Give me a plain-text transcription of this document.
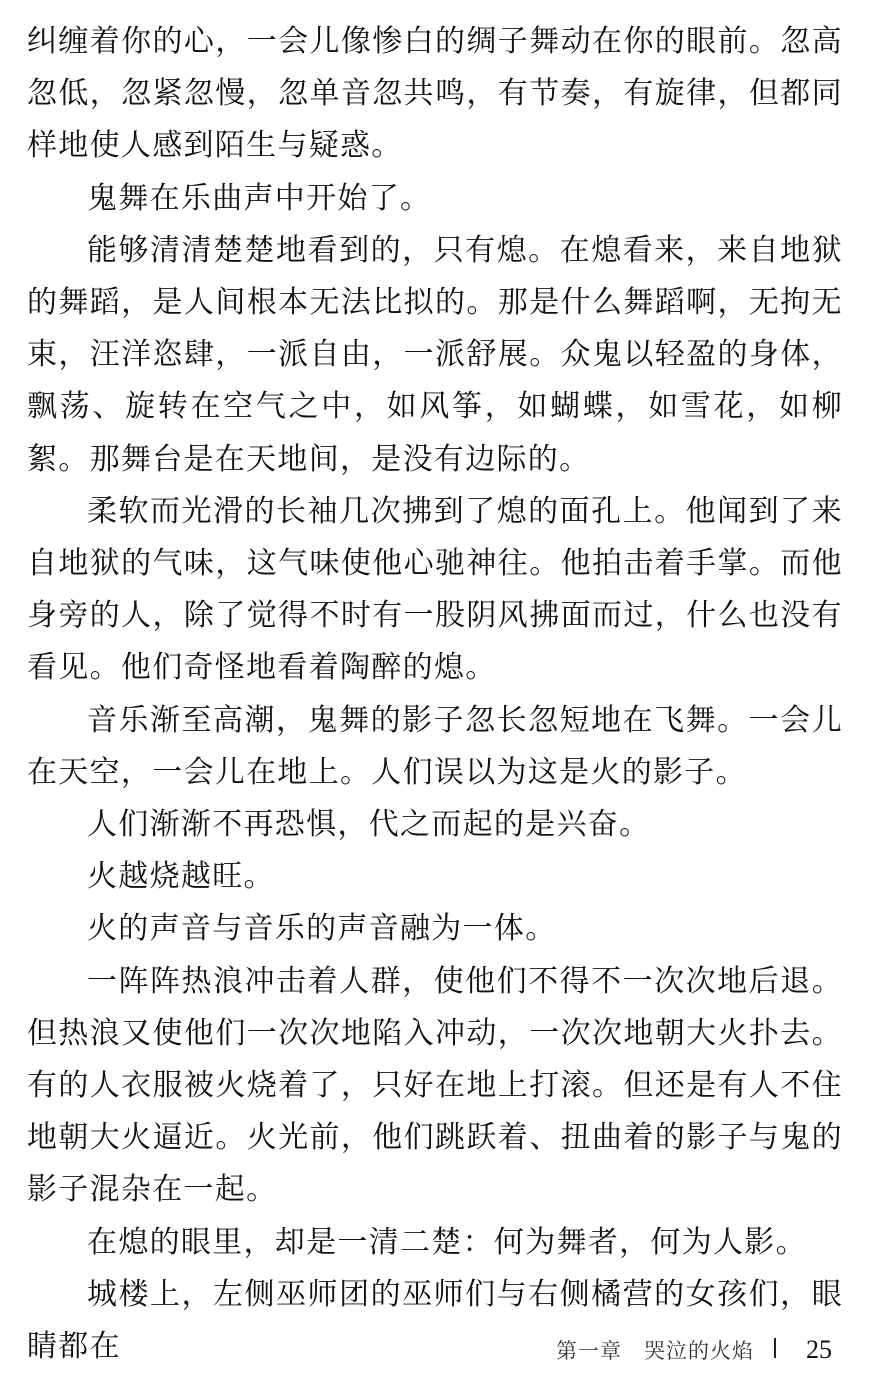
纠缠着你的心，一会儿像惨白的绸子舞动在你的眼前。忽高忽低，忽紧忽慢，忽单音忽共鸣，有节奏，有旋律，但都同样地使人感到陌生与疑惑。

鬼舞在乐曲声中开始了。

能够清清楚楚地看到的，只有熄。在熄看来，来自地狱的舞蹈，是人间根本无法比拟的。那是什么舞蹈啊，无拘无束，汪洋恣肆，一派自由，一派舒展。众鬼以轻盈的身体，飘荡、旋转在空气之中，如风筝，如蝴蝶，如雪花，如柳絮。那舞台是在天地间，是没有边际的。

柔软而光滑的长袖几次拂到了熄的面孔上。他闻到了来自地狱的气味，这气味使他心驰神往。他拍击着手掌。而他身旁的人，除了觉得不时有一股阴风拂面而过，什么也没有看见。他们奇怪地看着陶醉的熄。

音乐渐至高潮，鬼舞的影子忽长忽短地在飞舞。一会儿在天空，一会儿在地上。人们误以为这是火的影子。

人们渐渐不再恐惧，代之而起的是兴奋。

火越烧越旺。

火的声音与音乐的声音融为一体。

一阵阵热浪冲击着人群，使他们不得不一次次地后退。但热浪又使他们一次次地陷入冲动，一次次地朝大火扑去。有的人衣服被火烧着了，只好在地上打滚。但还是有人不住地朝大火逼近。火光前，他们跳跃着、扭曲着的影子与鬼的影子混杂在一起。

在熄的眼里，却是一清二楚：何为舞者，何为人影。

城楼上，左侧巫师团的巫师们与右侧橘营的女孩们，眼睛都在	第一章 哭泣的火焰 25
